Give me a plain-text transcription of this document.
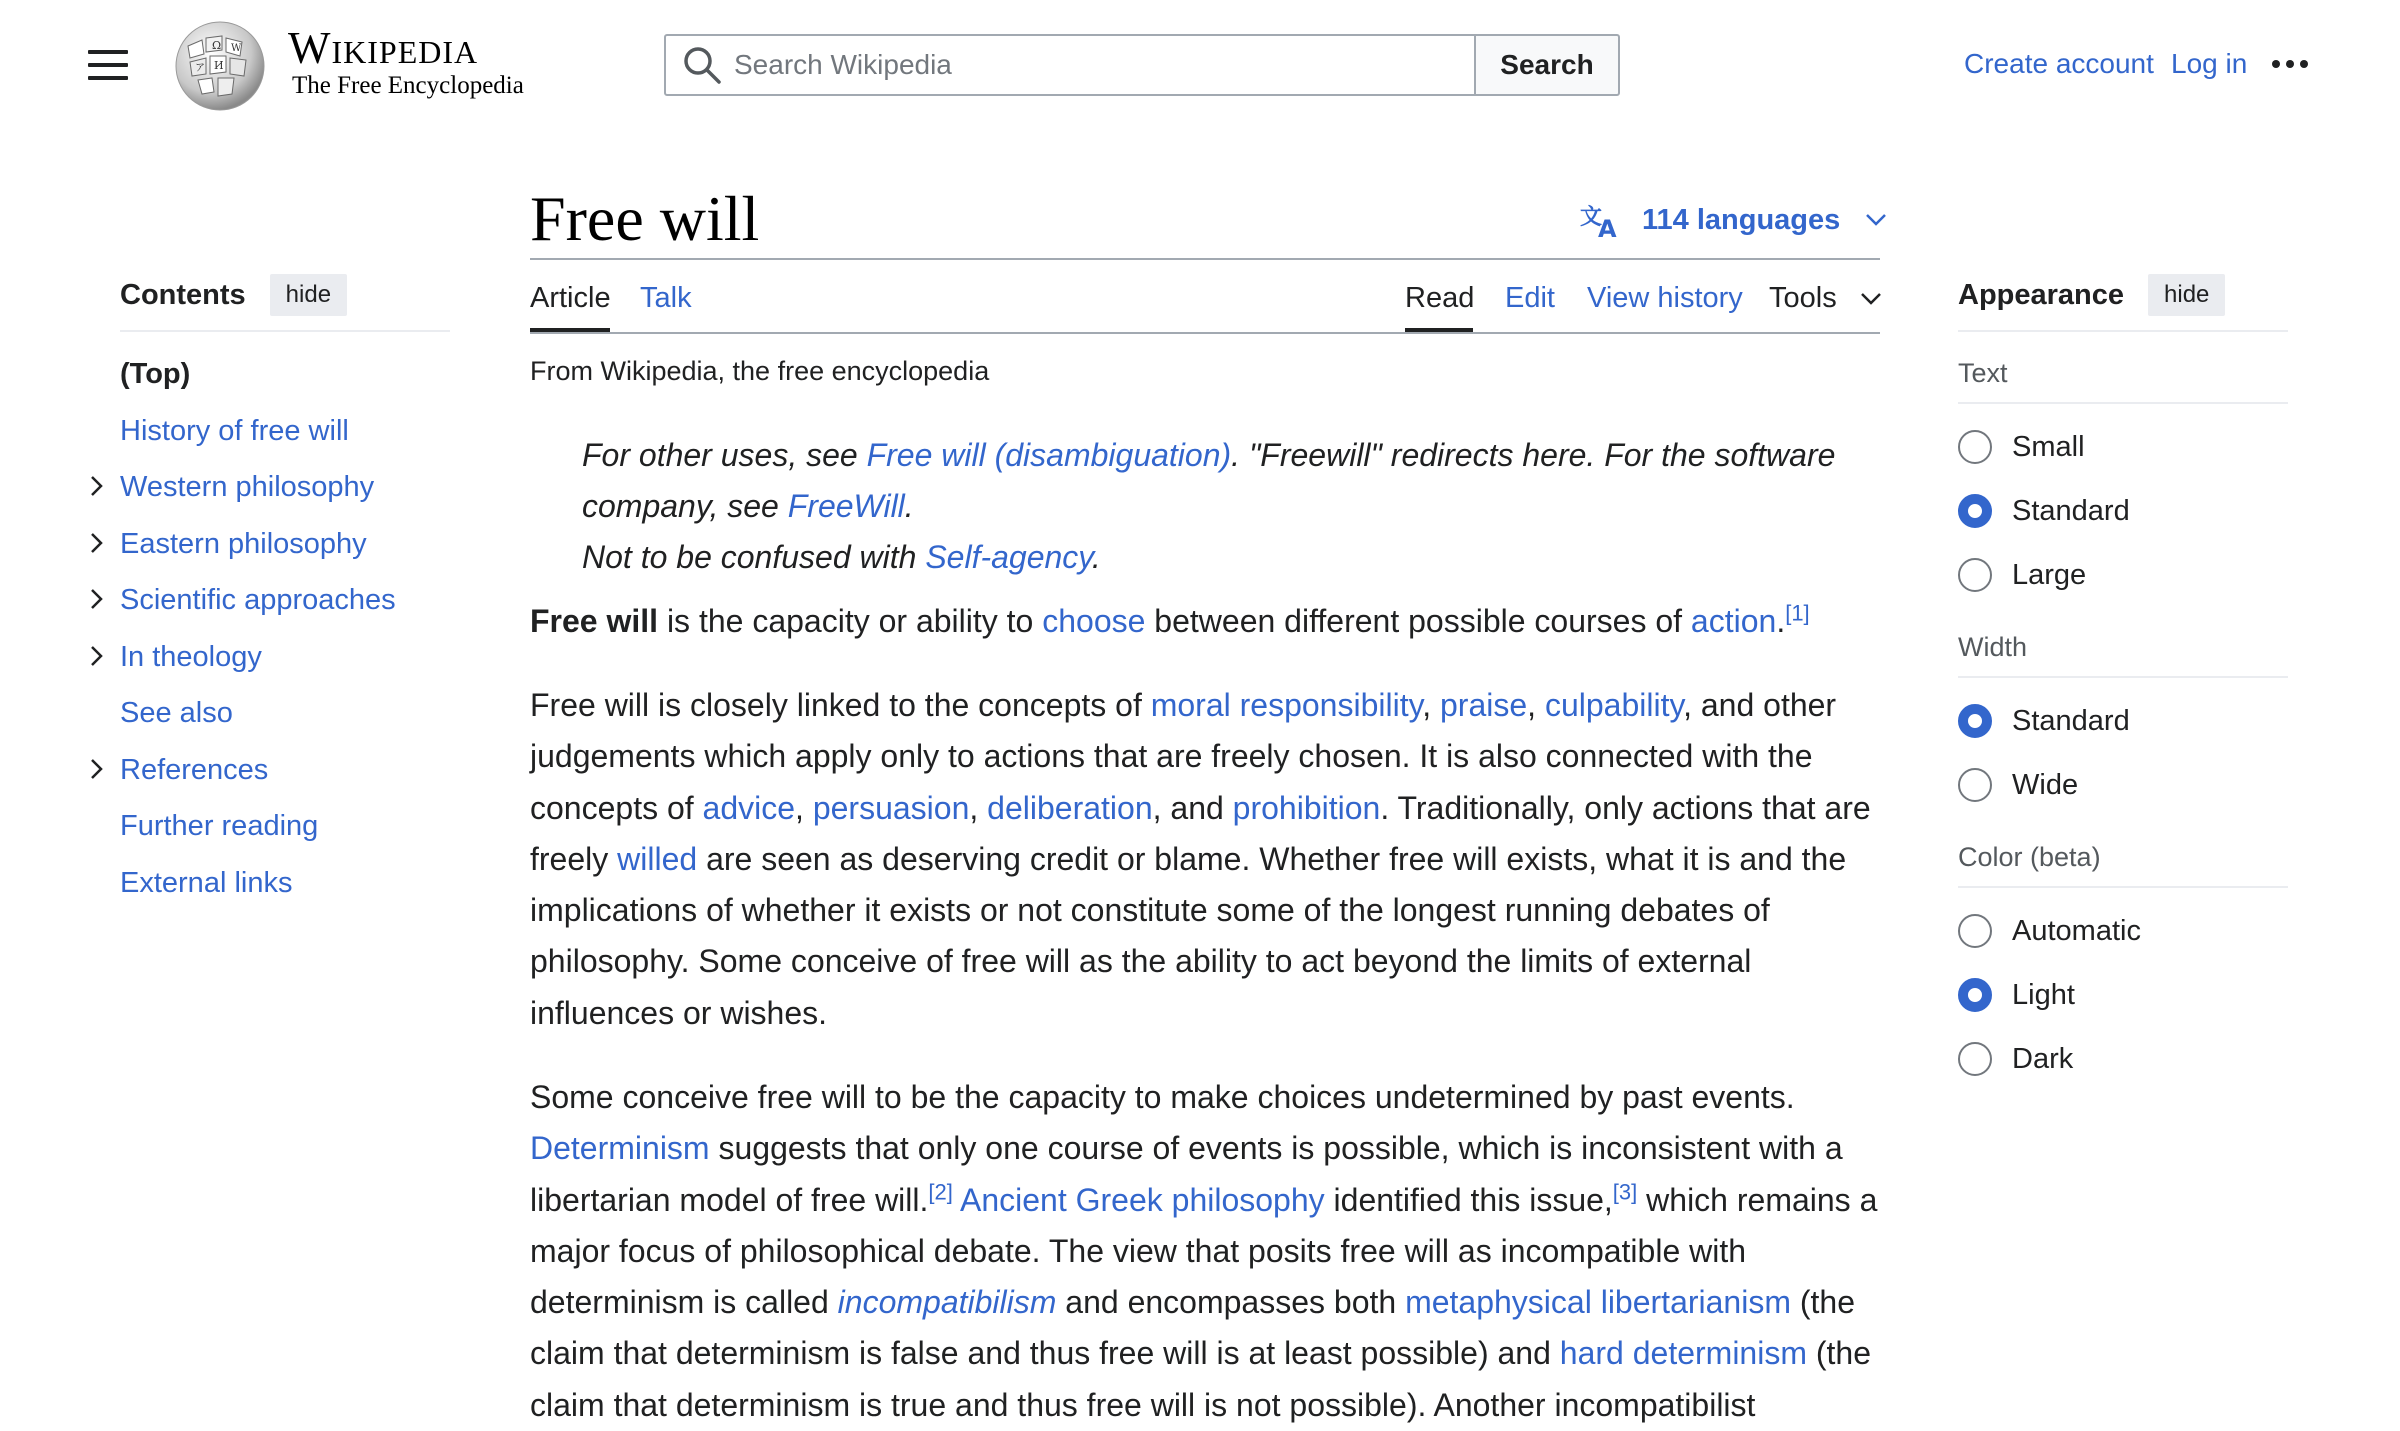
Ω W
И
ア Wikipedia
The Free Encyclopedia
Search Wikipedia
Search	Create account Log in
Contents	hide
(Top)
History of free will
Western philosophy
Eastern philosophy
Scientific approaches
In theology
See also
References
Further reading
External links
Free will	文
A 114 languages
Article Talk	Read Edit View history Tools
From Wikipedia, the free encyclopedia
For other uses, see Free will (disambiguation). "Freewill" redirects here. For the software company, see FreeWill.
Not to be confused with Self-agency.

Free will is the capacity or ability to choose between different possible courses of action.[1]

Free will is closely linked to the concepts of moral responsibility, praise, culpability, and other judgements which apply only to actions that are freely chosen. It is also connected with the concepts of advice, persuasion, deliberation, and prohibition. Traditionally, only actions that are freely willed are seen as deserving credit or blame. Whether free will exists, what it is and the implications of whether it exists or not constitute some of the longest running debates of philosophy. Some conceive of free will as the ability to act beyond the limits of external influences or wishes.

Some conceive free will to be the capacity to make choices undetermined by past events. Determinism suggests that only one course of events is possible, which is inconsistent with a libertarian model of free will.[2] Ancient Greek philosophy identified this issue,[3] which remains a major focus of philosophical debate. The view that posits free will as incompatible with determinism is called incompatibilism and encompasses both metaphysical libertarianism (the claim that determinism is false and thus free will is at least possible) and hard determinism (the claim that determinism is true and thus free will is not possible). Another incompatibilist

Appearance	hide
Text
Small
Standard
Large
Width
Standard
Wide
Color (beta)
Automatic
Light
Dark
